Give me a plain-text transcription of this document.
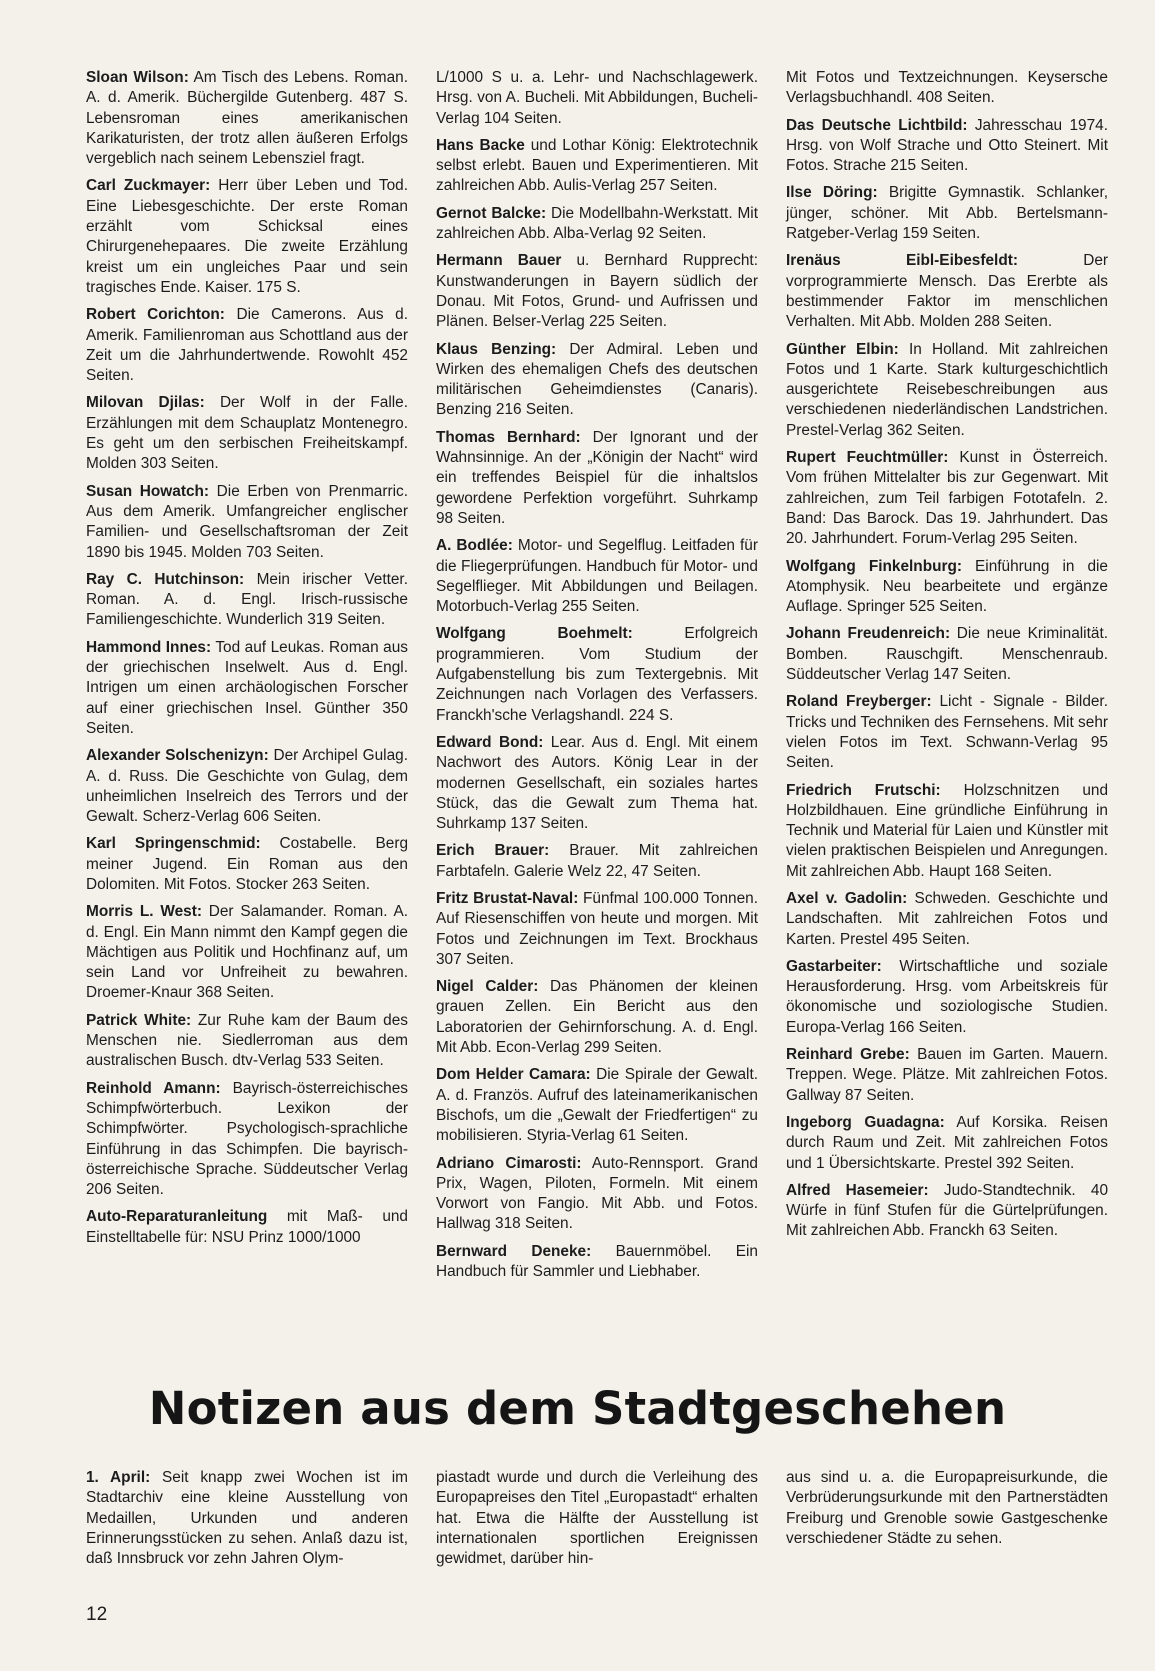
Sloan Wilson: Am Tisch des Lebens. Roman. A. d. Amerik. Büchergilde Gutenberg. 487 S. Lebensroman eines amerikanischen Karikaturisten, der trotz allen äußeren Erfolgs vergeblich nach seinem Lebensziel fragt.

Carl Zuckmayer: Herr über Leben und Tod. Eine Liebesgeschichte. Der erste Roman erzählt vom Schicksal eines Chirurgenehepaares. Die zweite Erzählung kreist um ein ungleiches Paar und sein tragisches Ende. Kaiser. 175 S.

Robert Corichton: Die Camerons. Aus d. Amerik. Familienroman aus Schottland aus der Zeit um die Jahrhundertwende. Rowohlt 452 Seiten.

Milovan Djilas: Der Wolf in der Falle. Erzählungen mit dem Schauplatz Montenegro. Es geht um den serbischen Freiheitskampf. Molden 303 Seiten.

Susan Howatch: Die Erben von Prenmarric. Aus dem Amerik. Umfangreicher englischer Familien- und Gesellschaftsroman der Zeit 1890 bis 1945. Molden 703 Seiten.

Ray C. Hutchinson: Mein irischer Vetter. Roman. A. d. Engl. Irisch-russische Familiengeschichte. Wunderlich 319 Seiten.

Hammond Innes: Tod auf Leukas. Roman aus der griechischen Inselwelt. Aus d. Engl. Intrigen um einen archäologischen Forscher auf einer griechischen Insel. Günther 350 Seiten.

Alexander Solschenizyn: Der Archipel Gulag. A. d. Russ. Die Geschichte von Gulag, dem unheimlichen Inselreich des Terrors und der Gewalt. Scherz-Verlag 606 Seiten.

Karl Springenschmid: Costabelle. Berg meiner Jugend. Ein Roman aus den Dolomiten. Mit Fotos. Stocker 263 Seiten.

Morris L. West: Der Salamander. Roman. A. d. Engl. Ein Mann nimmt den Kampf gegen die Mächtigen aus Politik und Hochfinanz auf, um sein Land vor Unfreiheit zu bewahren. Droemer-Knaur 368 Seiten.

Patrick White: Zur Ruhe kam der Baum des Menschen nie. Siedlerroman aus dem australischen Busch. dtv-Verlag 533 Seiten.

Reinhold Amann: Bayrisch-österreichisches Schimpfwörterbuch. Lexikon der Schimpfwörter. Psychologisch-sprachliche Einführung in das Schimpfen. Die bayrisch-österreichische Sprache. Süddeutscher Verlag 206 Seiten.

Auto-Reparaturanleitung mit Maß- und Einstelltabelle für: NSU Prinz 1000/1000

L/1000 S u. a. Lehr- und Nachschlagewerk. Hrsg. von A. Bucheli. Mit Abbildungen, Bucheli-Verlag 104 Seiten.

Hans Backe und Lothar König: Elektrotechnik selbst erlebt. Bauen und Experimentieren. Mit zahlreichen Abb. Aulis-Verlag 257 Seiten.

Gernot Balcke: Die Modellbahn-Werkstatt. Mit zahlreichen Abb. Alba-Verlag 92 Seiten.

Hermann Bauer u. Bernhard Rupprecht: Kunstwanderungen in Bayern südlich der Donau. Mit Fotos, Grund- und Aufrissen und Plänen. Belser-Verlag 225 Seiten.

Klaus Benzing: Der Admiral. Leben und Wirken des ehemaligen Chefs des deutschen militärischen Geheimdienstes (Canaris). Benzing 216 Seiten.

Thomas Bernhard: Der Ignorant und der Wahnsinnige. An der „Königin der Nacht“ wird ein treffendes Beispiel für die inhaltslos gewordene Perfektion vorgeführt. Suhrkamp 98 Seiten.

A. Bodlée: Motor- und Segelflug. Leitfaden für die Fliegerprüfungen. Handbuch für Motor- und Segelflieger. Mit Abbildungen und Beilagen. Motorbuch-Verlag 255 Seiten.

Wolfgang Boehmelt: Erfolgreich programmieren. Vom Studium der Aufgabenstellung bis zum Textergebnis. Mit Zeichnungen nach Vorlagen des Verfassers. Franckh'sche Verlagshandl. 224 S.

Edward Bond: Lear. Aus d. Engl. Mit einem Nachwort des Autors. König Lear in der modernen Gesellschaft, ein soziales hartes Stück, das die Gewalt zum Thema hat. Suhrkamp 137 Seiten.

Erich Brauer: Brauer. Mit zahlreichen Farbtafeln. Galerie Welz 22, 47 Seiten.

Fritz Brustat-Naval: Fünfmal 100.000 Tonnen. Auf Riesenschiffen von heute und morgen. Mit Fotos und Zeichnungen im Text. Brockhaus 307 Seiten.

Nigel Calder: Das Phänomen der kleinen grauen Zellen. Ein Bericht aus den Laboratorien der Gehirnforschung. A. d. Engl. Mit Abb. Econ-Verlag 299 Seiten.

Dom Helder Camara: Die Spirale der Gewalt. A. d. Französ. Aufruf des lateinamerikanischen Bischofs, um die „Gewalt der Friedfertigen“ zu mobilisieren. Styria-Verlag 61 Seiten.

Adriano Cimarosti: Auto-Rennsport. Grand Prix, Wagen, Piloten, Formeln. Mit einem Vorwort von Fangio. Mit Abb. und Fotos. Hallwag 318 Seiten.

Bernward Deneke: Bauernmöbel. Ein Handbuch für Sammler und Liebhaber.

Mit Fotos und Textzeichnungen. Keysersche Verlagsbuchhandl. 408 Seiten.

Das Deutsche Lichtbild: Jahresschau 1974. Hrsg. von Wolf Strache und Otto Steinert. Mit Fotos. Strache 215 Seiten.

Ilse Döring: Brigitte Gymnastik. Schlanker, jünger, schöner. Mit Abb. Bertelsmann-Ratgeber-Verlag 159 Seiten.

Irenäus Eibl-Eibesfeldt: Der vorprogrammierte Mensch. Das Ererbte als bestimmender Faktor im menschlichen Verhalten. Mit Abb. Molden 288 Seiten.

Günther Elbin: In Holland. Mit zahlreichen Fotos und 1 Karte. Stark kulturgeschichtlich ausgerichtete Reisebeschreibungen aus verschiedenen niederländischen Landstrichen. Prestel-Verlag 362 Seiten.

Rupert Feuchtmüller: Kunst in Österreich. Vom frühen Mittelalter bis zur Gegenwart. Mit zahlreichen, zum Teil farbigen Fototafeln. 2. Band: Das Barock. Das 19. Jahrhundert. Das 20. Jahrhundert. Forum-Verlag 295 Seiten.

Wolfgang Finkelnburg: Einführung in die Atomphysik. Neu bearbeitete und ergänze Auflage. Springer 525 Seiten.

Johann Freudenreich: Die neue Kriminalität. Bomben. Rauschgift. Menschenraub. Süddeutscher Verlag 147 Seiten.

Roland Freyberger: Licht - Signale - Bilder. Tricks und Techniken des Fernsehens. Mit sehr vielen Fotos im Text. Schwann-Verlag 95 Seiten.

Friedrich Frutschi: Holzschnitzen und Holzbildhauen. Eine gründliche Einführung in Technik und Material für Laien und Künstler mit vielen praktischen Beispielen und Anregungen. Mit zahlreichen Abb. Haupt 168 Seiten.

Axel v. Gadolin: Schweden. Geschichte und Landschaften. Mit zahlreichen Fotos und Karten. Prestel 495 Seiten.

Gastarbeiter: Wirtschaftliche und soziale Herausforderung. Hrsg. vom Arbeitskreis für ökonomische und soziologische Studien. Europa-Verlag 166 Seiten.

Reinhard Grebe: Bauen im Garten. Mauern. Treppen. Wege. Plätze. Mit zahlreichen Fotos. Gallway 87 Seiten.

Ingeborg Guadagna: Auf Korsika. Reisen durch Raum und Zeit. Mit zahlreichen Fotos und 1 Übersichtskarte. Prestel 392 Seiten.

Alfred Hasemeier: Judo-Standtechnik. 40 Würfe in fünf Stufen für die Gürtelprüfungen. Mit zahlreichen Abb. Franckh 63 Seiten.

Notizen aus dem Stadtgeschehen

1. April: Seit knapp zwei Wochen ist im Stadtarchiv eine kleine Ausstellung von Medaillen, Urkunden und anderen Erinnerungsstücken zu sehen. Anlaß dazu ist, daß Innsbruck vor zehn Jahren Olym-

piastadt wurde und durch die Verleihung des Europapreises den Titel „Europastadt“ erhalten hat. Etwa die Hälfte der Ausstellung ist internationalen sportlichen Ereignissen gewidmet, darüber hin-

aus sind u. a. die Europapreisurkunde, die Verbrüderungsurkunde mit den Partnerstädten Freiburg und Grenoble sowie Gastgeschenke verschiedener Städte zu sehen.

12
